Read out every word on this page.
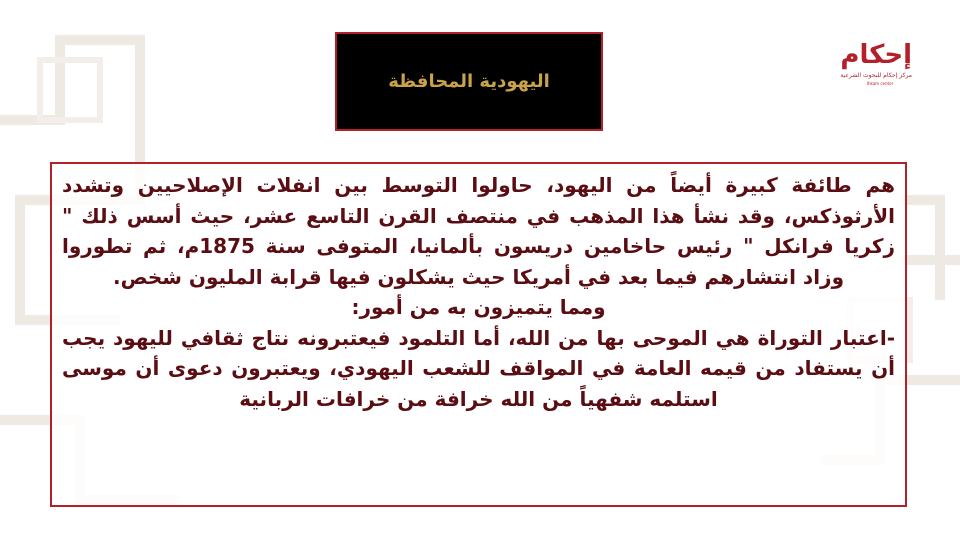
اليهودية المحافظة
إحكام
مركز إحكام للبحوث الشرعية
Ihkam center

هم طائفة كبيرة أيضاً من اليهود، حاولوا التوسط بين انفلات الإصلاحيين وتشدد الأرثوذكس، وقد نشأ هذا المذهب في منتصف القرن التاسع عشر، حيث أسس ذلك " زكريا فرانكل " رئيس حاخامين دريسون بألمانيا، المتوفى سنة 1875م، ثم تطوروا وزاد انتشارهم فيما بعد في أمريكا حيث يشكلون فيها قرابة المليون شخص.

ومما يتميزون به من أمور:

-اعتبار التوراة هي الموحى بها من الله، أما التلمود فيعتبرونه نتاج ثقافي لليهود يجب أن يستفاد من قيمه العامة في المواقف للشعب اليهودي، ويعتبرون دعوى أن موسى استلمه شفهياً من الله خرافة من خرافات الربانية
